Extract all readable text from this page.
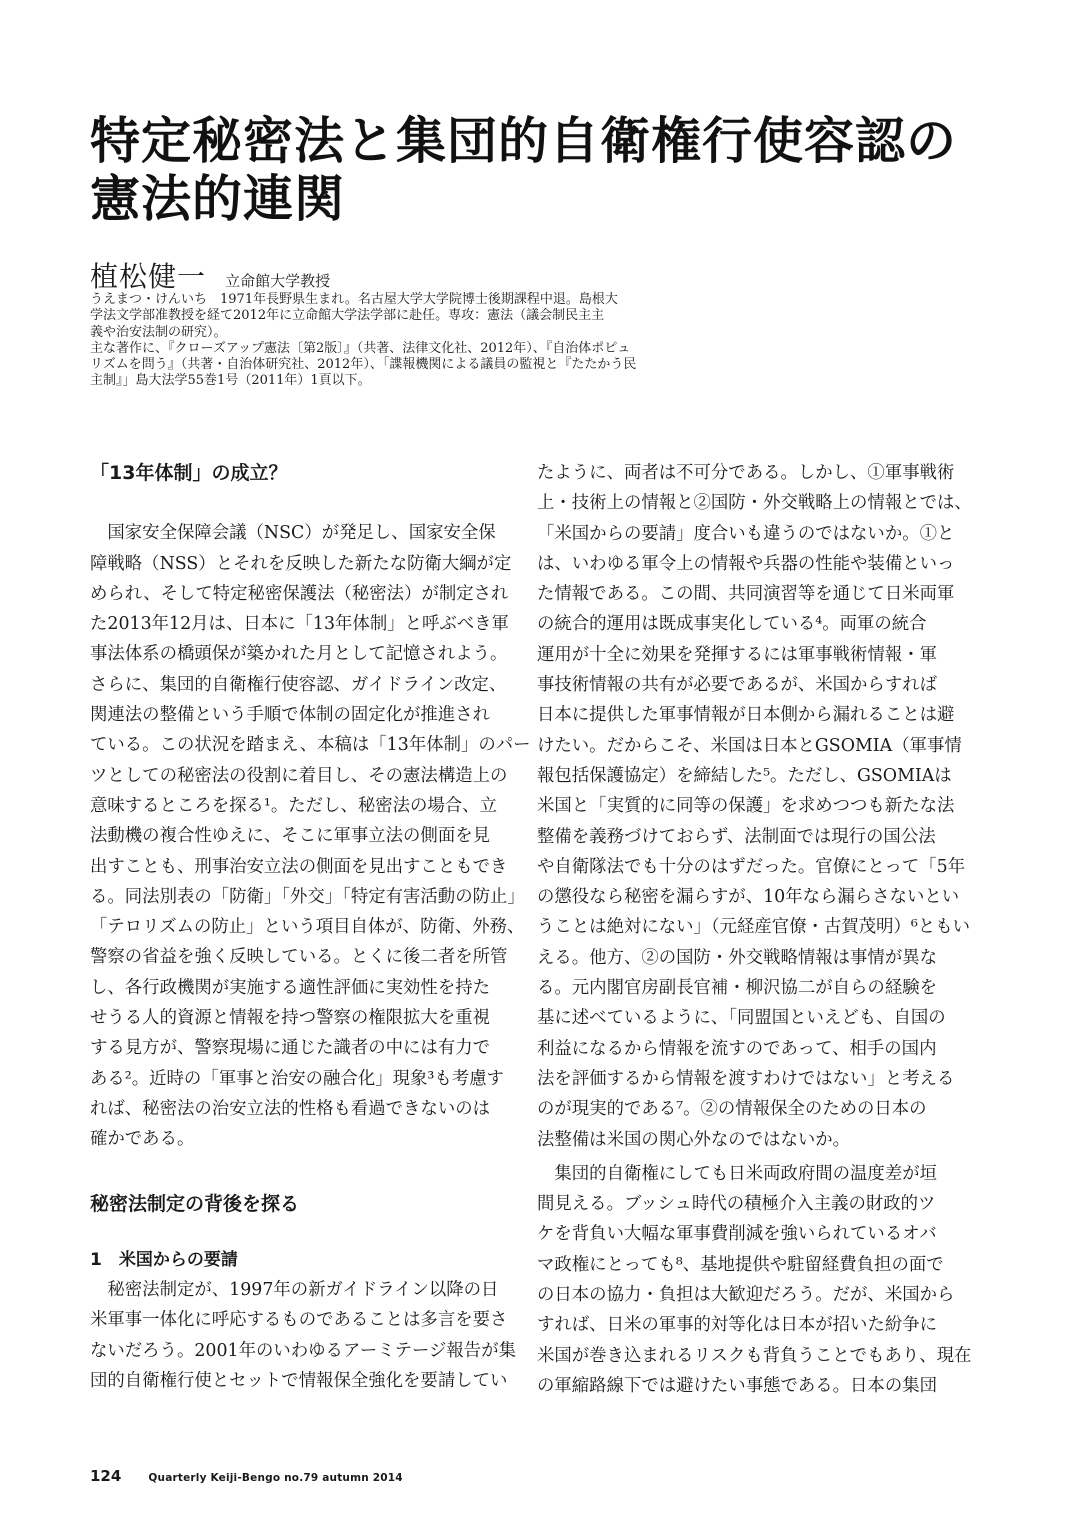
特定秘密法と集団的自衛権行使容認の
憲法的連関
植松健一 立命館大学教授
うえまつ・けんいち　1971年長野県生まれ。名古屋大学大学院博士後期課程中退。島根大
学法文学部准教授を経て2012年に立命館大学法学部に赴任。専攻：憲法（議会制民主主
義や治安法制の研究）。
主な著作に、『クローズアップ憲法〔第2版〕』（共著、法律文化社、2012年）、『自治体ポピュ
リズムを問う』（共著・自治体研究社、2012年）、「諜報機関による議員の監視と『たたかう民
主制』」島大法学55巻1号（2011年）1頁以下。
「13年体制」の成立？
　国家安全保障会議（NSC）が発足し、国家安全保
障戦略（NSS）とそれを反映した新たな防衛大綱が定
められ、そして特定秘密保護法（秘密法）が制定され
た2013年12月は、日本に「13年体制」と呼ぶべき軍
事法体系の橋頭保が築かれた月として記憶されよう。
さらに、集団的自衛権行使容認、ガイドライン改定、
関連法の整備という手順で体制の固定化が推進され
ている。この状況を踏まえ、本稿は「13年体制」のパー
ツとしての秘密法の役割に着目し、その憲法構造上の
意味するところを探る¹。ただし、秘密法の場合、立
法動機の複合性ゆえに、そこに軍事立法の側面を見
出すことも、刑事治安立法の側面を見出すこともでき
る。同法別表の「防衛」「外交」「特定有害活動の防止」
「テロリズムの防止」という項目自体が、防衛、外務、
警察の省益を強く反映している。とくに後二者を所管
し、各行政機関が実施する適性評価に実効性を持た
せうる人的資源と情報を持つ警察の権限拡大を重視
する見方が、警察現場に通じた識者の中には有力で
ある²。近時の「軍事と治安の融合化」現象³も考慮す
れば、秘密法の治安立法的性格も看過できないのは
確かである。
秘密法制定の背後を探る
1　米国からの要請
　秘密法制定が、1997年の新ガイドライン以降の日
米軍事一体化に呼応するものであることは多言を要さ
ないだろう。2001年のいわゆるアーミテージ報告が集
団的自衛権行使とセットで情報保全強化を要請してい
たように、両者は不可分である。しかし、①軍事戦術
上・技術上の情報と②国防・外交戦略上の情報とでは、
「米国からの要請」度合いも違うのではないか。①と
は、いわゆる軍令上の情報や兵器の性能や装備といっ
た情報である。この間、共同演習等を通じて日米両軍
の統合的運用は既成事実化している⁴。両軍の統合
運用が十全に効果を発揮するには軍事戦術情報・軍
事技術情報の共有が必要であるが、米国からすれば
日本に提供した軍事情報が日本側から漏れることは避
けたい。だからこそ、米国は日本とGSOMIA（軍事情
報包括保護協定）を締結した⁵。ただし、GSOMIAは
米国と「実質的に同等の保護」を求めつつも新たな法
整備を義務づけておらず、法制面では現行の国公法
や自衛隊法でも十分のはずだった。官僚にとって「5年
の懲役なら秘密を漏らすが、10年なら漏らさないとい
うことは絶対にない」（元経産官僚・古賀茂明）⁶ともい
える。他方、②の国防・外交戦略情報は事情が異な
る。元内閣官房副長官補・柳沢協二が自らの経験を
基に述べているように、「同盟国といえども、自国の
利益になるから情報を流すのであって、相手の国内
法を評価するから情報を渡すわけではない」と考える
のが現実的である⁷。②の情報保全のための日本の
法整備は米国の関心外なのではないか。
　集団的自衛権にしても日米両政府間の温度差が垣
間見える。ブッシュ時代の積極介入主義の財政的ツ
ケを背負い大幅な軍事費削減を強いられているオバ
マ政権にとっても⁸、基地提供や駐留経費負担の面で
の日本の協力・負担は大歓迎だろう。だが、米国から
すれば、日米の軍事的対等化は日本が招いた紛争に
米国が巻き込まれるリスクも背負うことでもあり、現在
の軍縮路線下では避けたい事態である。日本の集団
124	Quarterly Keiji-Bengo no.79 autumn 2014
